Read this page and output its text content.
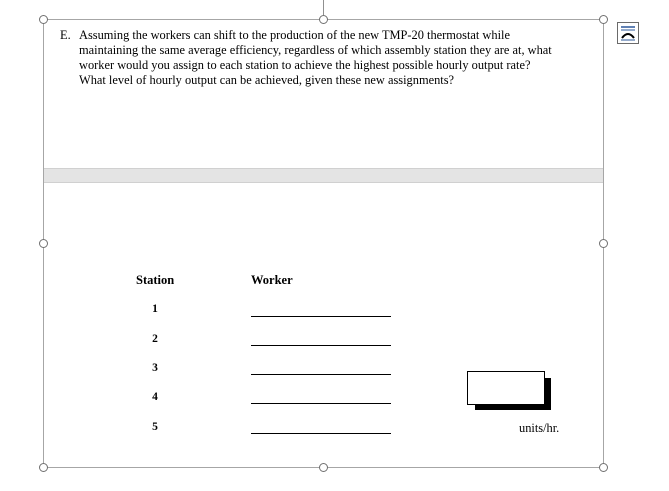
E. Assuming the workers can shift to the production of the new TMP-20 thermostat while
maintaining the same average efficiency, regardless of which assembly station they are at, what
worker would you assign to each station to achieve the highest possible hourly output rate?
What level of hourly output can be achieved, given these new assignments?
Station	Worker
1
2
3
4
5	units/hr.
